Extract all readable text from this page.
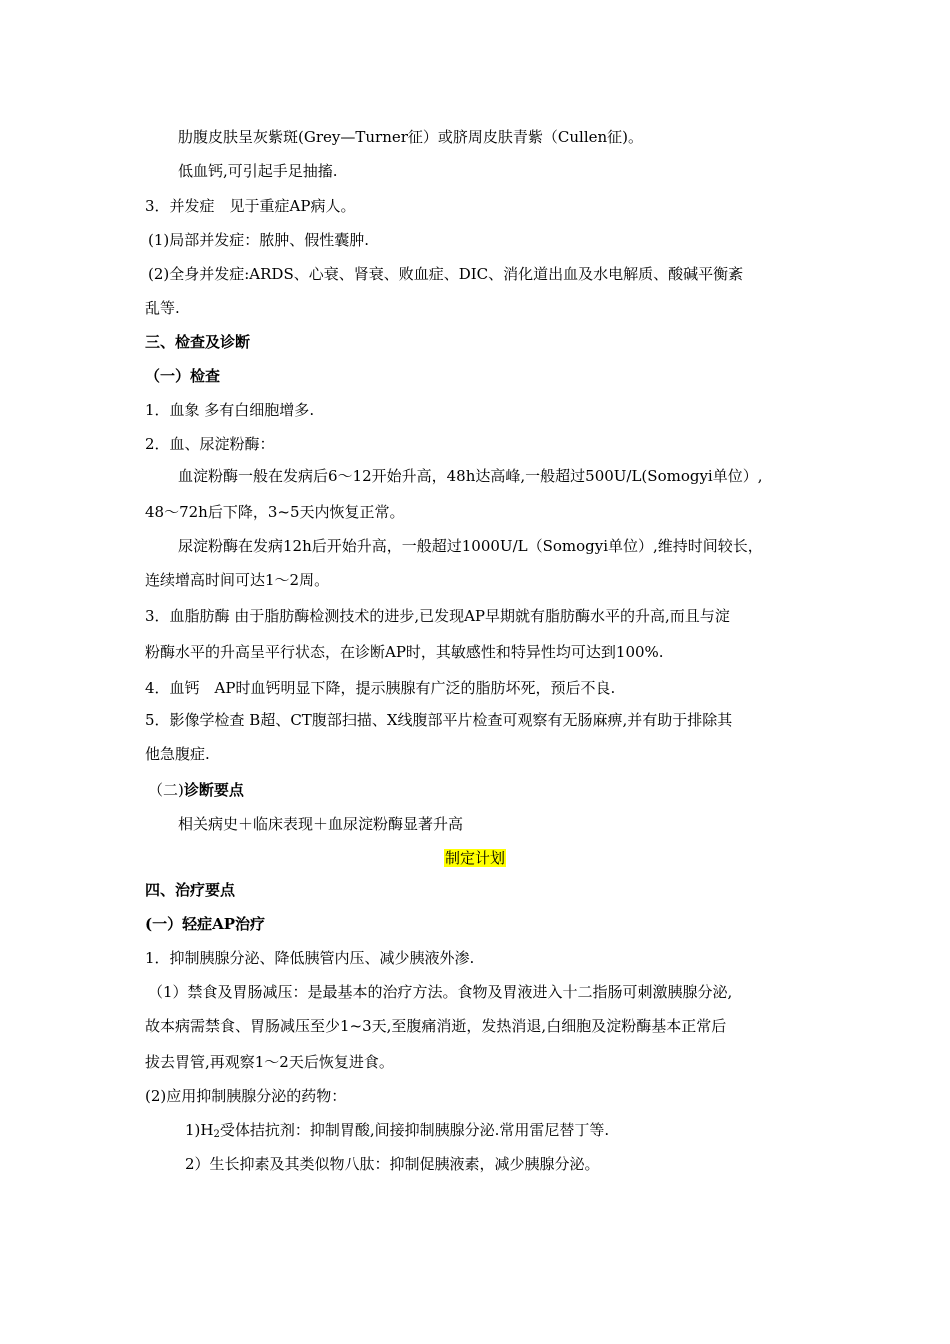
肋腹皮肤呈灰紫斑(Grey—Turner征）或脐周皮肤青紫（Cullen征)。
低血钙,可引起手足抽搐.
3．并发症　见于重症AP病人。
(1)局部并发症：脓肿、假性囊肿.
(2)全身并发症:ARDS、心衰、肾衰、败血症、DIC、消化道出血及水电解质、酸碱平衡紊
乱等.
三、检查及诊断
（一）检查
1．血象 多有白细胞增多.
2．血、尿淀粉酶：
血淀粉酶一般在发病后6～12开始升高，48h达高峰,一般超过500U/L(Somogyi单位）,
48～72h后下降，3~5天内恢复正常。
尿淀粉酶在发病12h后开始升高，一般超过1000U/L（Somogyi单位）,维持时间较长，
连续增高时间可达1～2周。
3．血脂肪酶 由于脂肪酶检测技术的进步,已发现AP早期就有脂肪酶水平的升高,而且与淀
粉酶水平的升高呈平行状态，在诊断AP时，其敏感性和特异性均可达到100%.
4．血钙　AP时血钙明显下降，提示胰腺有广泛的脂肪坏死，预后不良.
5．影像学检查 B超、CT腹部扫描、X线腹部平片检查可观察有无肠麻痹,并有助于排除其
他急腹症.
（二)诊断要点
相关病史＋临床表现＋血尿淀粉酶显著升高
制定计划
四、治疗要点
(一）轻症AP治疗
1．抑制胰腺分泌、降低胰管内压、减少胰液外渗.
（1）禁食及胃肠减压：是最基本的治疗方法。食物及胃液进入十二指肠可刺激胰腺分泌,
故本病需禁食、胃肠减压至少1~3天,至腹痛消逝，发热消退,白细胞及淀粉酶基本正常后
拔去胃管,再观察1～2天后恢复进食。
(2)应用抑制胰腺分泌的药物：
$1)H_2$受体拮抗剂：抑制胃酸,间接抑制胰腺分泌.常用雷尼替丁等.
2）生长抑素及其类似物八肽：抑制促胰液素，减少胰腺分泌。
